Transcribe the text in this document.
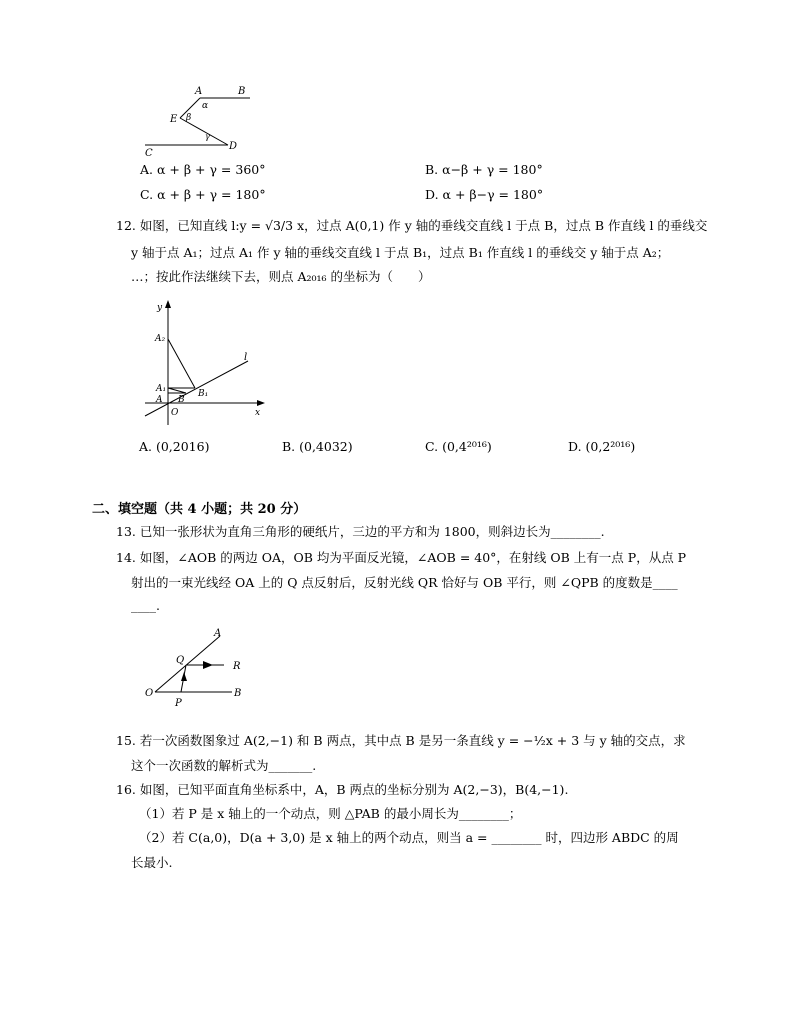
A	B
α
E β
γ
D
C
A. α + β + γ = 360°	B. α−β + γ = 180°
C. α + β + γ = 180°	D. α + β−γ = 180°
12. 如图，已知直线 l:y = √3/3 x，过点 A(0,1) 作 y 轴的垂线交直线 l 于点 B，过点 B 作直线 l 的垂线交
y 轴于点 A₁；过点 A₁ 作 y 轴的垂线交直线 l 于点 B₁，过点 B₁ 作直线 l 的垂线交 y 轴于点 A₂；
…；按此作法继续下去，则点 A₂₀₁₆ 的坐标为（　　）
y
A₂
l
A₁	B₁
A B
O	x
A. (0,2016)	B. (0,4032)	C. (0,4²⁰¹⁶)	D. (0,2²⁰¹⁶)
二、填空题（共 4 小题；共 20 分）
13. 已知一张形状为直角三角形的硬纸片，三边的平方和为 1800，则斜边长为________.
14. 如图，∠AOB 的两边 OA，OB 均为平面反光镜，∠AOB = 40°，在射线 OB 上有一点 P，从点 P
射出的一束光线经 OA 上的 Q 点反射后，反射光线 QR 恰好与 OB 平行，则 ∠QPB 的度数是____
____.
A
Q
R
O	B
P
15. 若一次函数图象过 A(2,−1) 和 B 两点，其中点 B 是另一条直线 y = −½x + 3 与 y 轴的交点，求
这个一次函数的解析式为_______.
16. 如图，已知平面直角坐标系中，A，B 两点的坐标分别为 A(2,−3)，B(4,−1).
（1）若 P 是 x 轴上的一个动点，则 △PAB 的最小周长为________；
（2）若 C(a,0)，D(a + 3,0) 是 x 轴上的两个动点，则当 a = ________ 时，四边形 ABDC 的周
长最小.
